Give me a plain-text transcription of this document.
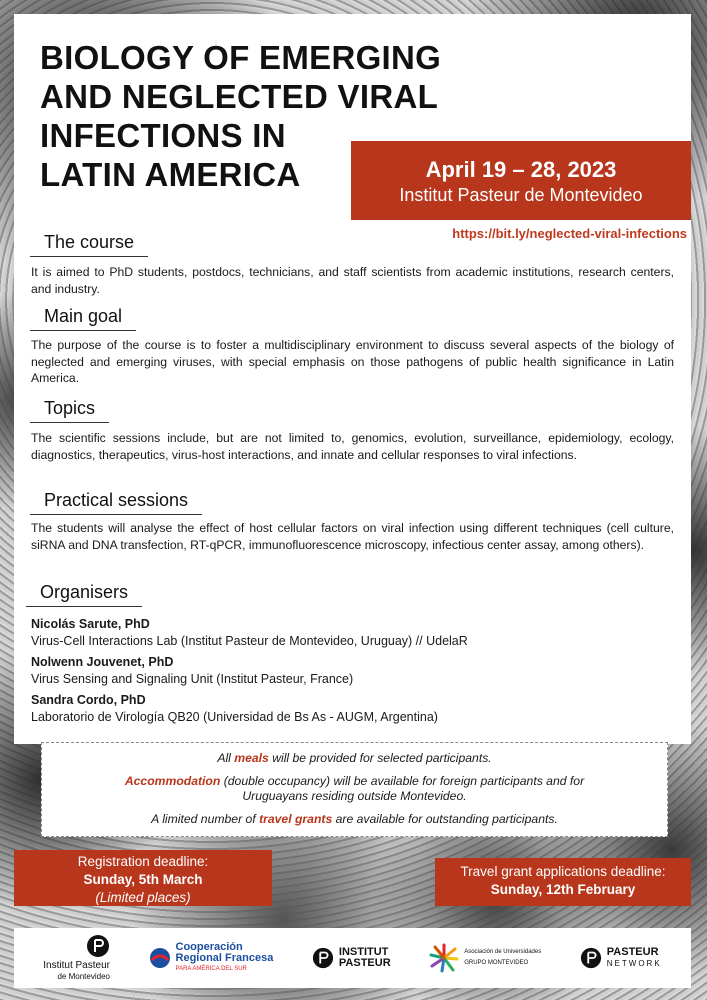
BIOLOGY OF EMERGING
AND NEGLECTED VIRAL
INFECTIONS IN
LATIN AMERICA	April 19 – 28, 2023
Institut Pasteur de Montevideo
https://bit.ly/neglected-viral-infections
The course
It is aimed to PhD students, postdocs, technicians, and staff scientists from academic institutions, research centers, and industry.
Main goal
The purpose of the course is to foster a multidisciplinary environment to discuss several aspects of the biology of neglected and emerging viruses, with special emphasis on those pathogens of public health significance in Latin America.
Topics
The scientific sessions include, but are not limited to, genomics, evolution, surveillance, epidemiology, ecology, diagnostics, therapeutics, virus-host interactions, and innate and cellular responses to viral infections.
Practical sessions
The students will analyse the effect of host cellular factors on viral infection using different techniques (cell culture, siRNA and DNA transfection, RT-qPCR, immunofluorescence microscopy, infectious center assay, among others).
Organisers
Nicolás Sarute, PhD
Virus-Cell Interactions Lab (Institut Pasteur de Montevideo, Uruguay) // UdelaR
Nolwenn Jouvenet, PhD
Virus Sensing and Signaling Unit (Institut Pasteur, France)
Sandra Cordo, PhD
Laboratorio de Virología QB20 (Universidad de Bs As - AUGM, Argentina)

All meals will be provided for selected participants.

Accommodation (double occupancy) will be available for foreign participants and for
Uruguayans residing outside Montevideo.

A limited number of travel grants are available for outstanding participants.

Registration deadline:
Sunday, 5th March
(Limited places)
Travel grant applications deadline:
Sunday, 12th February
Institut Pasteur
de Montevideo
Cooperación
Regional Francesa
PARA AMÉRICA DEL SUR
INSTITUT
PASTEUR
Asociación de Universidades
GRUPO MONTEVIDEO
PASTEUR
NETWORK
